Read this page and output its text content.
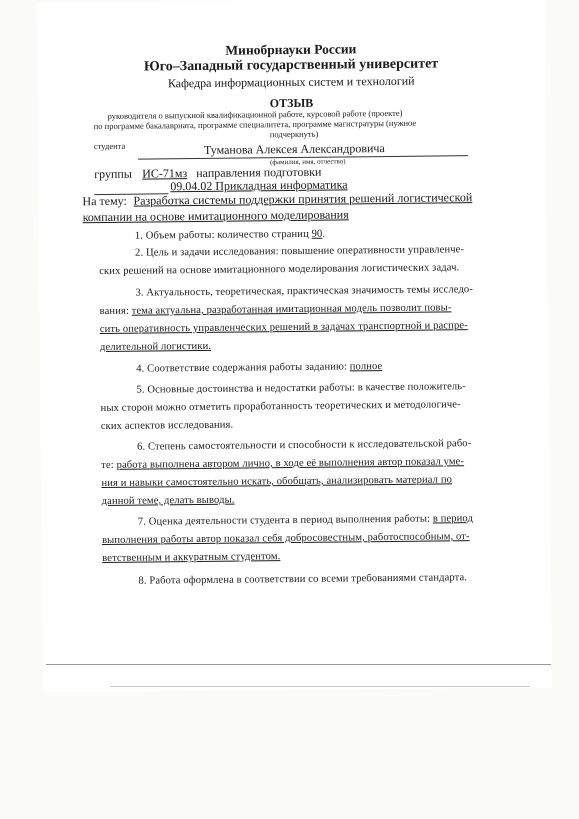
Минобрнауки России
Юго–Западный государственный университет
Кафедра информационных систем и технологий
ОТЗЫВ
руководителя о выпускной квалификационной работе, курсовой работе (проекте)
по программе бакалавриата, программе специалитета, программе магистратуры (нужное
подчеркнуть)
студента	Туманова Алексея Александровича
(фамилия, имя, отчество)
группы ИС-71мз направления подготовки
09.04.02 Прикладная информатика
На тему: Разработка системы поддержки принятия решений логистической
компании на основе имитационного моделирования
1. Объем работы: количество страниц 90.
2. Цель и задачи исследования: повышение оперативности управленче-
ских решений на основе имитационного моделирования логистических задач.
3. Актуальность, теоретическая, практическая значимость темы исследо-
вания: тема актуальна, разработанная имитационная модель позволит повы-
сить оперативность управленческих решений в задачах транспортной и распре-
делительной логистики.
4. Соответствие содержания работы заданию: полное
5. Основные достоинства и недостатки работы: в качестве положитель-
ных сторон можно отметить проработанность теоретических и методологиче-
ских аспектов исследования.
6. Степень самостоятельности и способности к исследовательской рабо-
те: работа выполнена автором лично, в ходе её выполнения автор показал уме-
ния и навыки самостоятельно искать, обобщать, анализировать материал по
данной теме, делать выводы.
7. Оценка деятельности студента в период выполнения работы: в период
выполнения работы автор показал себя добросовестным, работоспособным, от-
ветственным и аккуратным студентом.
8. Работа оформлена в соответствии со всеми требованиями стандарта.
